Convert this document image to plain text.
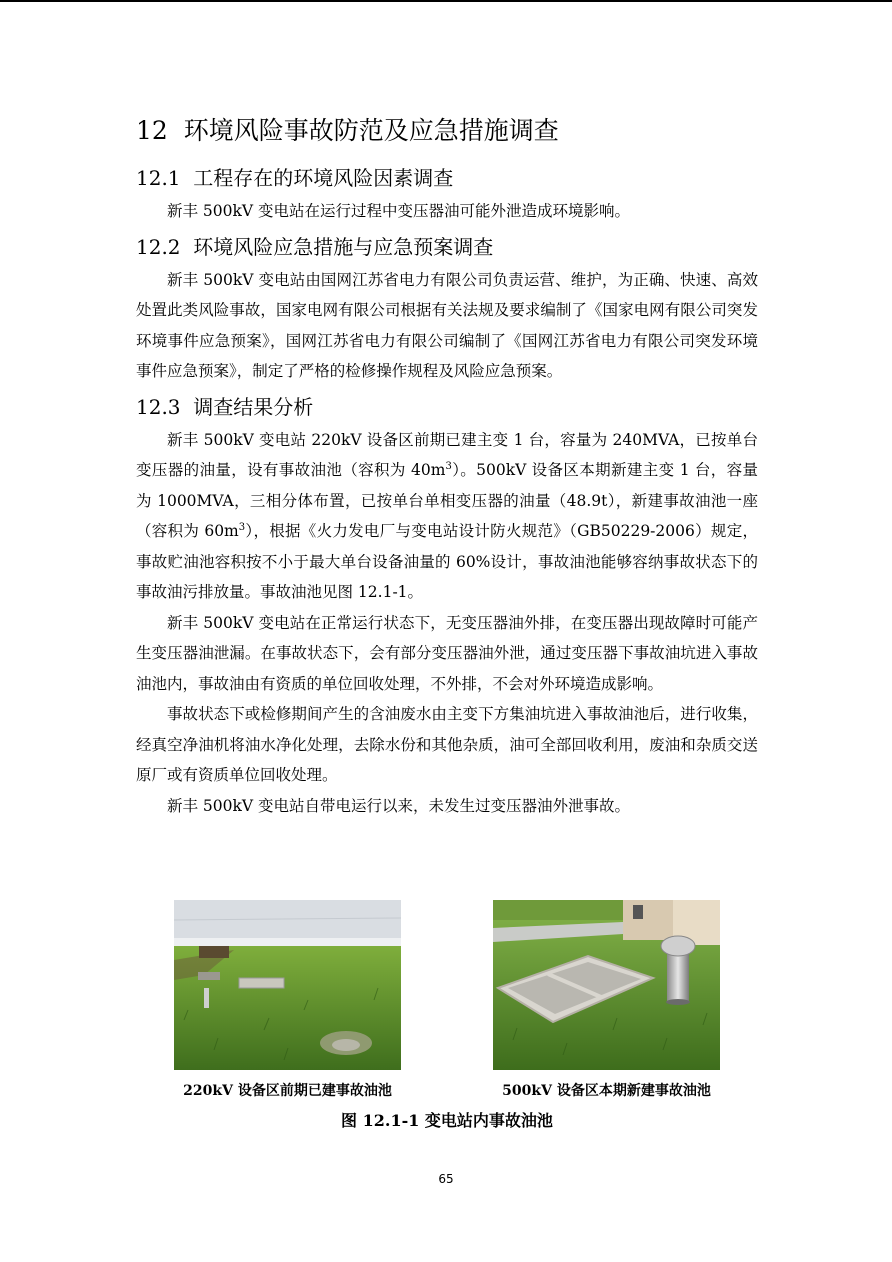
12 环境风险事故防范及应急措施调查
12.1 工程存在的环境风险因素调查

新丰 500kV 变电站在运行过程中变压器油可能外泄造成环境影响。

12.2 环境风险应急措施与应急预案调查

新丰 500kV 变电站由国网江苏省电力有限公司负责运营、维护，为正确、快速、高效处置此类风险事故，国家电网有限公司根据有关法规及要求编制了《国家电网有限公司突发环境事件应急预案》，国网江苏省电力有限公司编制了《国网江苏省电力有限公司突发环境事件应急预案》，制定了严格的检修操作规程及风险应急预案。

12.3 调查结果分析

新丰 500kV 变电站 220kV 设备区前期已建主变 1 台，容量为 240MVA，已按单台变压器的油量，设有事故油池（容积为 $40m^3$）。500kV 设备区本期新建主变 1 台，容量为 1000MVA，三相分体布置，已按单台单相变压器的油量（48.9t），新建事故油池一座（容积为 $60m^3$），根据《火力发电厂与变电站设计防火规范》（GB50229-2006）规定，事故贮油池容积按不小于最大单台设备油量的 60%设计，事故油池能够容纳事故状态下的事故油污排放量。事故油池见图 12.1-1。

新丰 500kV 变电站在正常运行状态下，无变压器油外排，在变压器出现故障时可能产生变压器油泄漏。在事故状态下，会有部分变压器油外泄，通过变压器下事故油坑进入事故油池内，事故油由有资质的单位回收处理，不外排，不会对外环境造成影响。

事故状态下或检修期间产生的含油废水由主变下方集油坑进入事故油池后，进行收集，经真空净油机将油水净化处理，去除水份和其他杂质，油可全部回收利用，废油和杂质交送原厂或有资质单位回收处理。

新丰 500kV 变电站自带电运行以来，未发生过变压器油外泄事故。

220kV 设备区前期已建事故油池	500kV 设备区本期新建事故油池
图 12.1-1 变电站内事故油池
65
